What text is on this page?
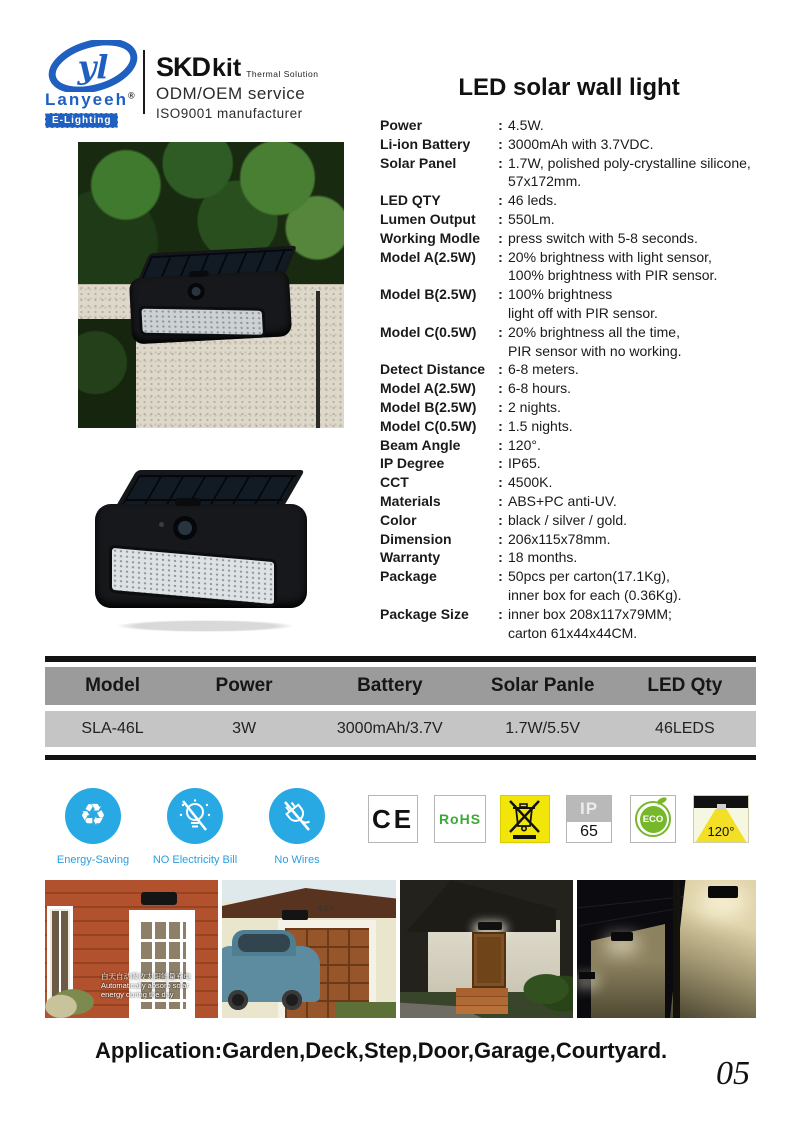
yl
Lanyeeh®
E-Lighting
SKD kit Thermal Solution
ODM/OEM service
ISO9001 manufacturer
LED solar wall light
Power	: 4.5W.
Li-ion Battery	: 3000mAh with 3.7VDC.
Solar Panel	: 1.7W, polished poly-crystalline silicone,
57x172mm.
LED QTY	: 46 leds.
Lumen Output	: 550Lm.
Working Modle	: press switch with 5-8 seconds.
Model A(2.5W)	: 20% brightness with light sensor,
100% brightness with PIR sensor.
Model B(2.5W)	: 100% brightness
light off with PIR sensor.
Model C(0.5W)	: 20% brightness all the time,
PIR sensor with no working.
Detect Distance : 6-8 meters.
Model A(2.5W)	: 6-8 hours.
Model B(2.5W)	: 2 nights.
Model C(0.5W)	: 1.5 nights.
Beam Angle	: 120°.
IP Degree	: IP65.
CCT	: 4500K.
Materials	: ABS+PC anti-UV.
Color	: black / silver / gold.
Dimension	: 206x115x78mm.
Warranty	: 18 months.
Package	: 50pcs per carton(17.1Kg),
inner box for each (0.36Kg).
Package Size	: inner box 208x117x79MM;
carton 61x44x44CM.
Model	Power	Battery	Solar Panle	LED Qty
SLA-46L	3W	3000mAh/3.7V	1.7W/5.5V	46LEDS
♻
Energy-Saving	NO Electricity Bill	No Wires
CE	RoHS
IP
65
ECO
120°
白天自动吸收太阳能量充电
Automatically absorb solar
energy during the day
627
Application:Garden,Deck,Step,Door,Garage,Courtyard.
05
